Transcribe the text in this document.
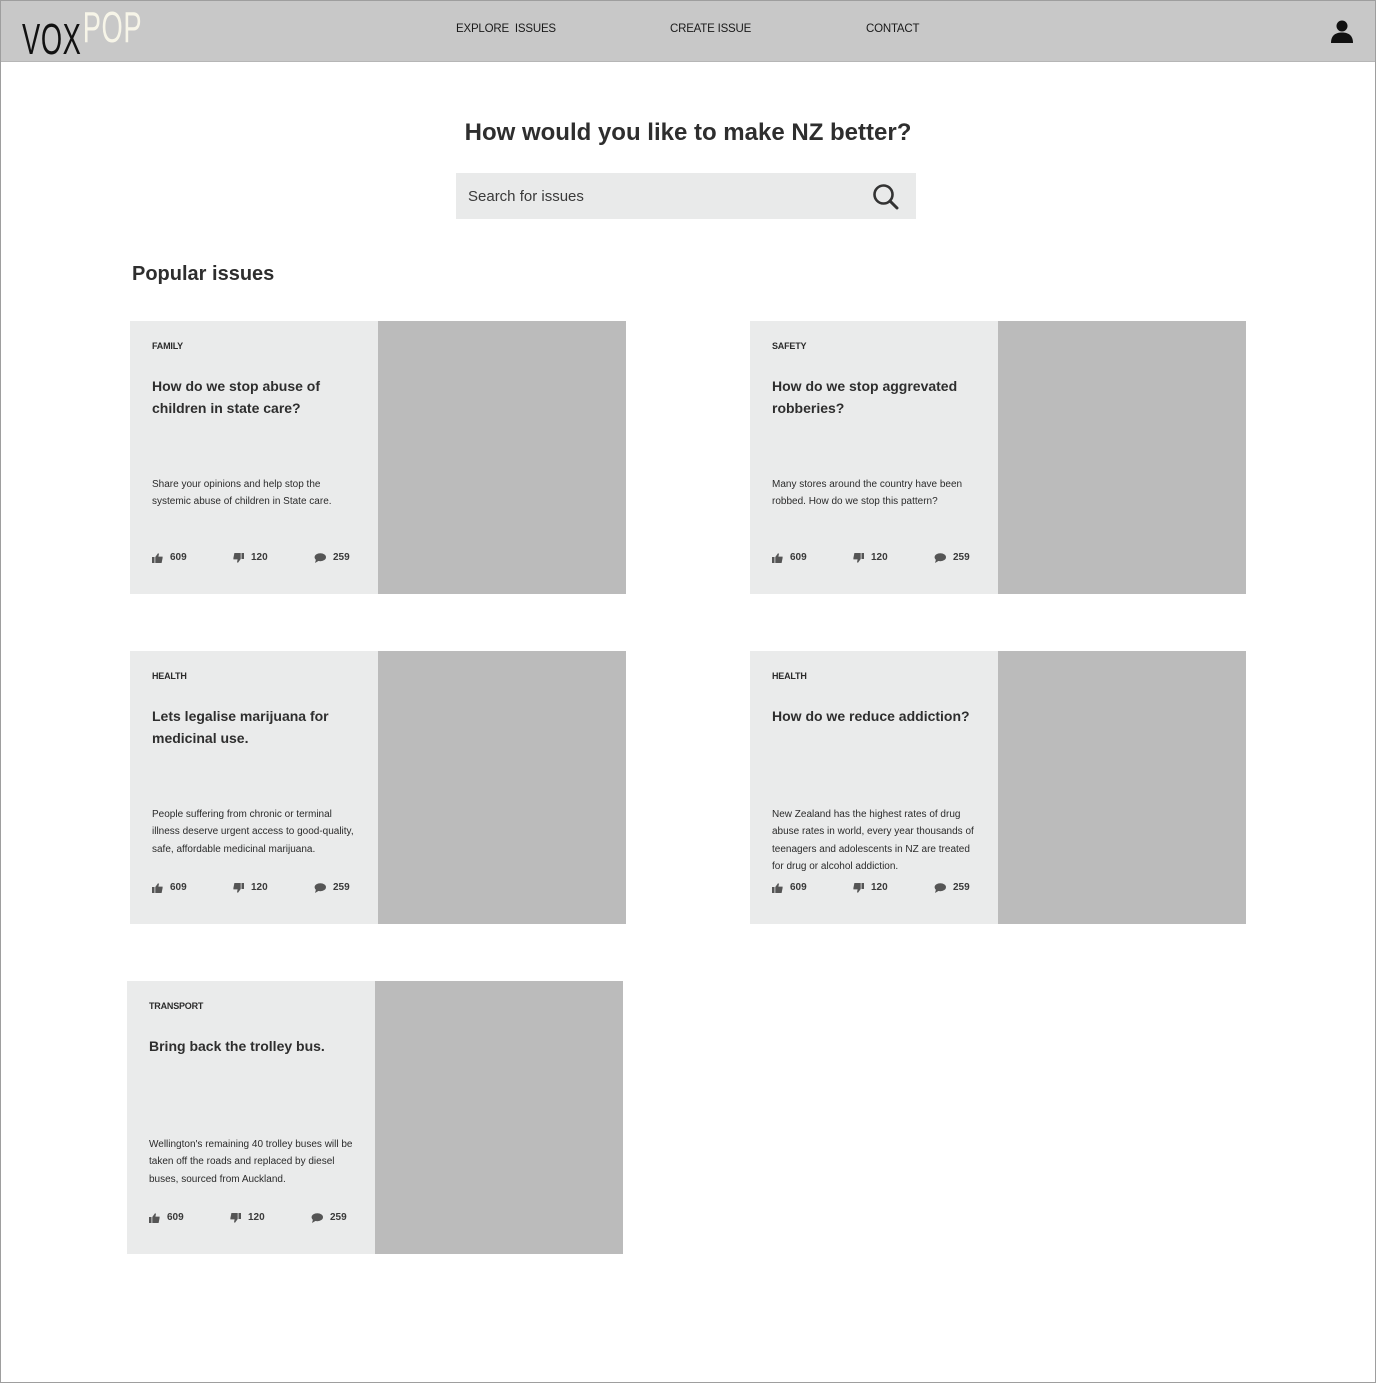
VOX POP	EXPLORE  ISSUES	CREATE ISSUE	CONTACT
How would you like to make NZ better?
Search for issues
Popular issues
FAMILY
How do we stop abuse of children in state care?

Share your opinions and help stop the systemic abuse of children in State care.

609	120	259
SAFETY
How do we stop aggrevated robberies?

Many stores around the country have been robbed. How do we stop this pattern?

609	120	259
HEALTH
Lets legalise marijuana for medicinal use.

People suffering from chronic or terminal illness deserve urgent access to good-quality, safe, affordable medicinal marijuana.

609	120	259
HEALTH
How do we reduce addiction?

New Zealand has the highest rates of drug abuse rates in world, every year thousands of teenagers and adolescents in NZ are treated for drug or alcohol addiction.

609	120	259
TRANSPORT
Bring back the trolley bus.

Wellington's remaining 40 trolley buses will be taken off the roads and replaced by diesel buses, sourced from Auckland.

609	120	259
